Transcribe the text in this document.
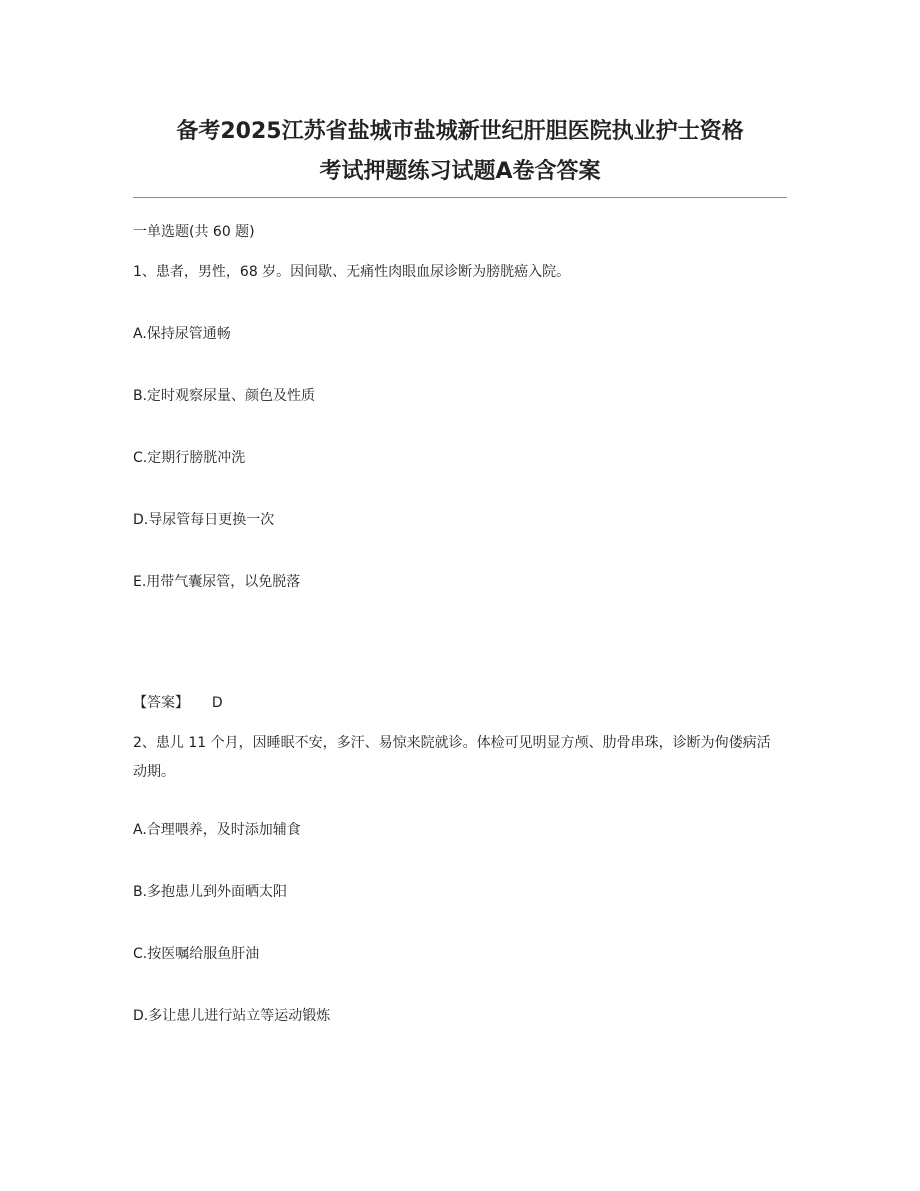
备考2025江苏省盐城市盐城新世纪肝胆医院执业护士资格
考试押题练习试题A卷含答案
一单选题(共 60 题)
1、患者，男性，68 岁。因间歇、无痛性肉眼血尿诊断为膀胱癌入院。
A.保持尿管通畅
B.定时观察尿量、颜色及性质
C.定期行膀胱冲洗
D.导尿管每日更换一次
E.用带气囊尿管，以免脱落
【答案】 D
2、患儿 11 个月，因睡眠不安，多汗、易惊来院就诊。体检可见明显方颅、肋骨串珠，诊断为佝偻病活动期。
A.合理喂养，及时添加辅食
B.多抱患儿到外面晒太阳
C.按医嘱给服鱼肝油
D.多让患儿进行站立等运动锻炼
